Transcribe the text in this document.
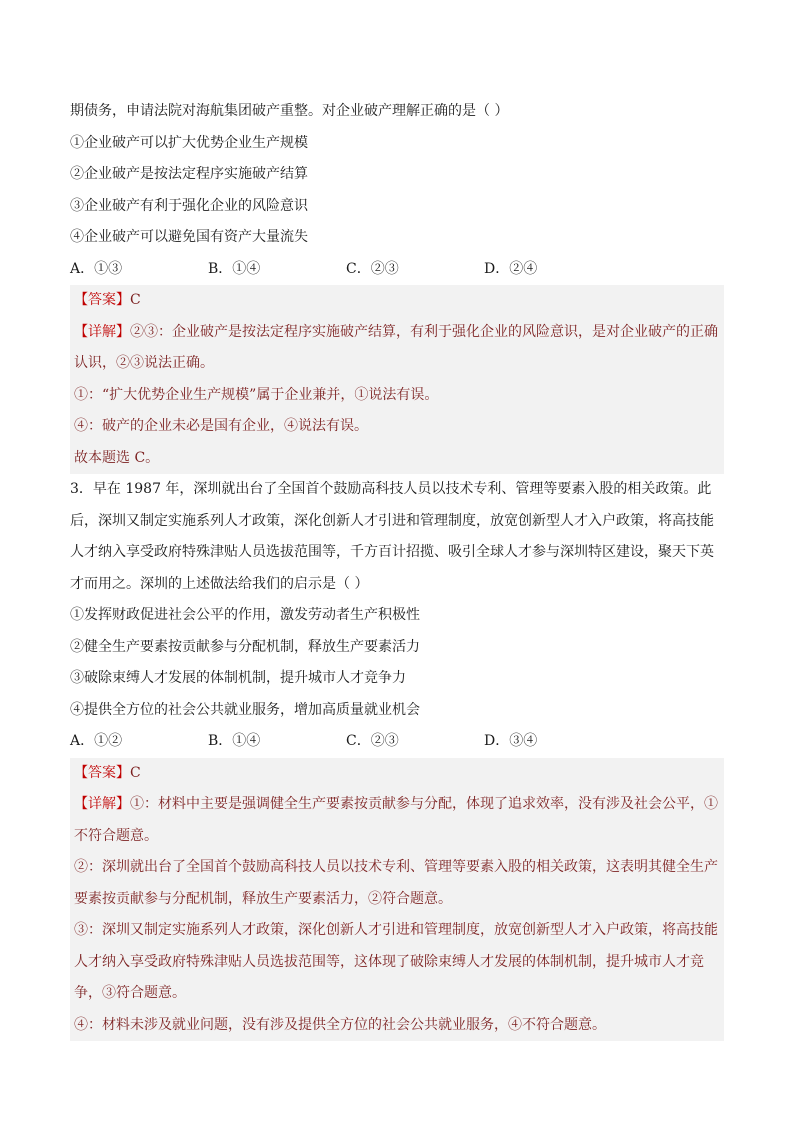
期债务，申请法院对海航集团破产重整。对企业破产理解正确的是（ ）
①企业破产可以扩大优势企业生产规模
②企业破产是按法定程序实施破产结算
③企业破产有利于强化企业的风险意识
④企业破产可以避免国有资产大量流失
A．①③	B．①④	C．②③	D．②④
【答案】C
【详解】②③：企业破产是按法定程序实施破产结算，有利于强化企业的风险意识，是对企业破产的正确认识，②③说法正确。
①：“扩大优势企业生产规模”属于企业兼并，①说法有误。
④：破产的企业未必是国有企业，④说法有误。
故本题选 C。
3．早在 1987 年，深圳就出台了全国首个鼓励高科技人员以技术专利、管理等要素入股的相关政策。此后，深圳又制定实施系列人才政策，深化创新人才引进和管理制度，放宽创新型人才入户政策，将高技能人才纳入享受政府特殊津贴人员选拔范围等，千方百计招揽、吸引全球人才参与深圳特区建设，聚天下英才而用之。深圳的上述做法给我们的启示是（ ）
①发挥财政促进社会公平的作用，激发劳动者生产积极性
②健全生产要素按贡献参与分配机制，释放生产要素活力
③破除束缚人才发展的体制机制，提升城市人才竞争力
④提供全方位的社会公共就业服务，增加高质量就业机会
A．①②	B．①④	C．②③	D．③④
【答案】C
【详解】①：材料中主要是强调健全生产要素按贡献参与分配，体现了追求效率，没有涉及社会公平，①不符合题意。
②：深圳就出台了全国首个鼓励高科技人员以技术专利、管理等要素入股的相关政策，这表明其健全生产要素按贡献参与分配机制，释放生产要素活力，②符合题意。
③：深圳又制定实施系列人才政策，深化创新人才引进和管理制度，放宽创新型人才入户政策，将高技能人才纳入享受政府特殊津贴人员选拔范围等，这体现了破除束缚人才发展的体制机制，提升城市人才竞争，③符合题意。
④：材料未涉及就业问题，没有涉及提供全方位的社会公共就业服务，④不符合题意。
